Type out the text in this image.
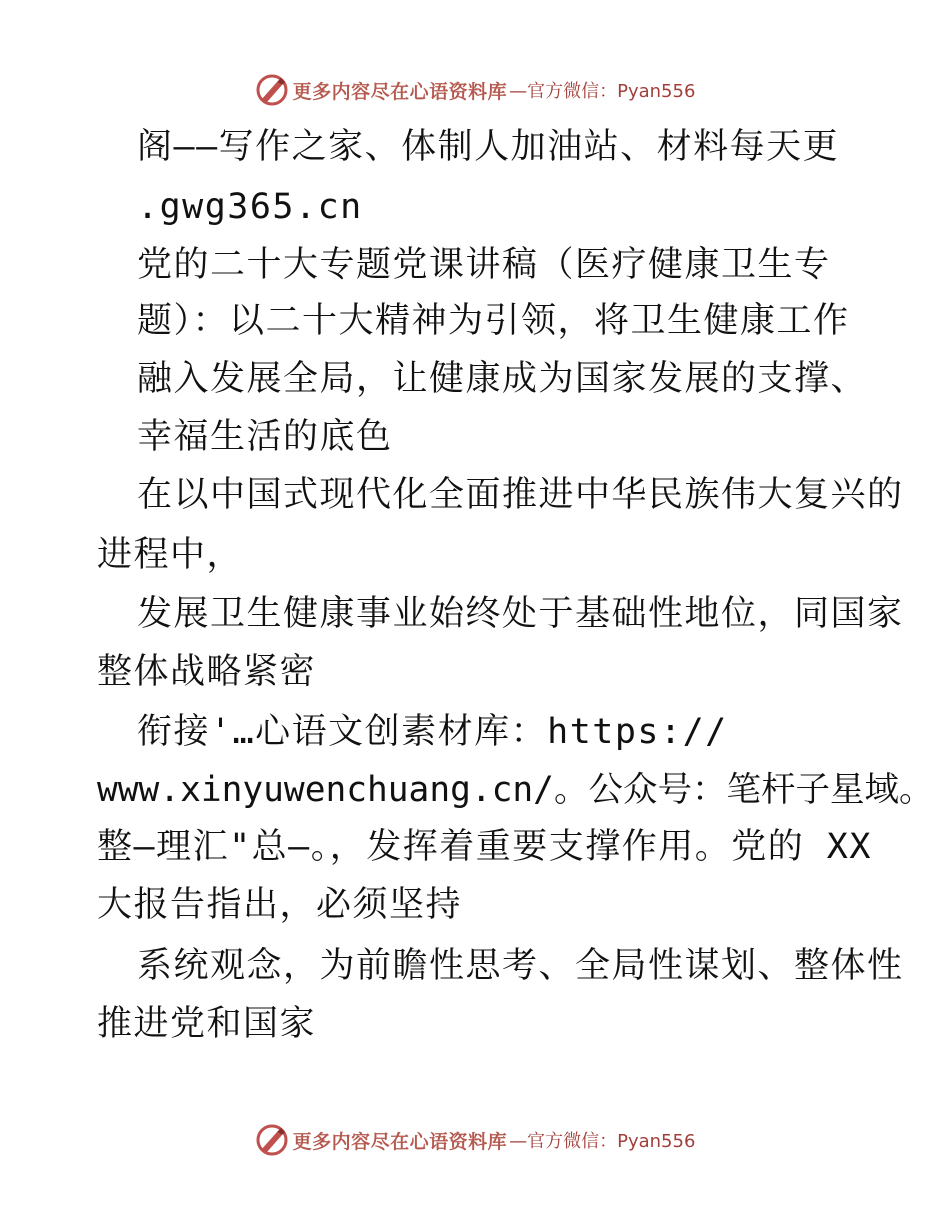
更多内容尽在心语资料库 —官方微信：Pyan556
阁——写作之家、体制人加油站、材料每天更
.gwg365.cn
党的二十大专题党课讲稿（医疗健康卫生专
题）：以二十大精神为引领，将卫生健康工作
融入发展全局，让健康成为国家发展的支撑、
幸福生活的底色
在以中国式现代化全面推进中华民族伟大复兴的
进程中，
发展卫生健康事业始终处于基础性地位，同国家
整体战略紧密
衔接'…心语文创素材库：https://
www.xinyuwenchuang.cn/。公众号：笔杆子星域。
整—理汇"总—。，发挥着重要支撑作用。党的 XX
大报告指出，必须坚持
系统观念，为前瞻性思考、全局性谋划、整体性
推进党和国家
更多内容尽在心语资料库 —官方微信：Pyan556
